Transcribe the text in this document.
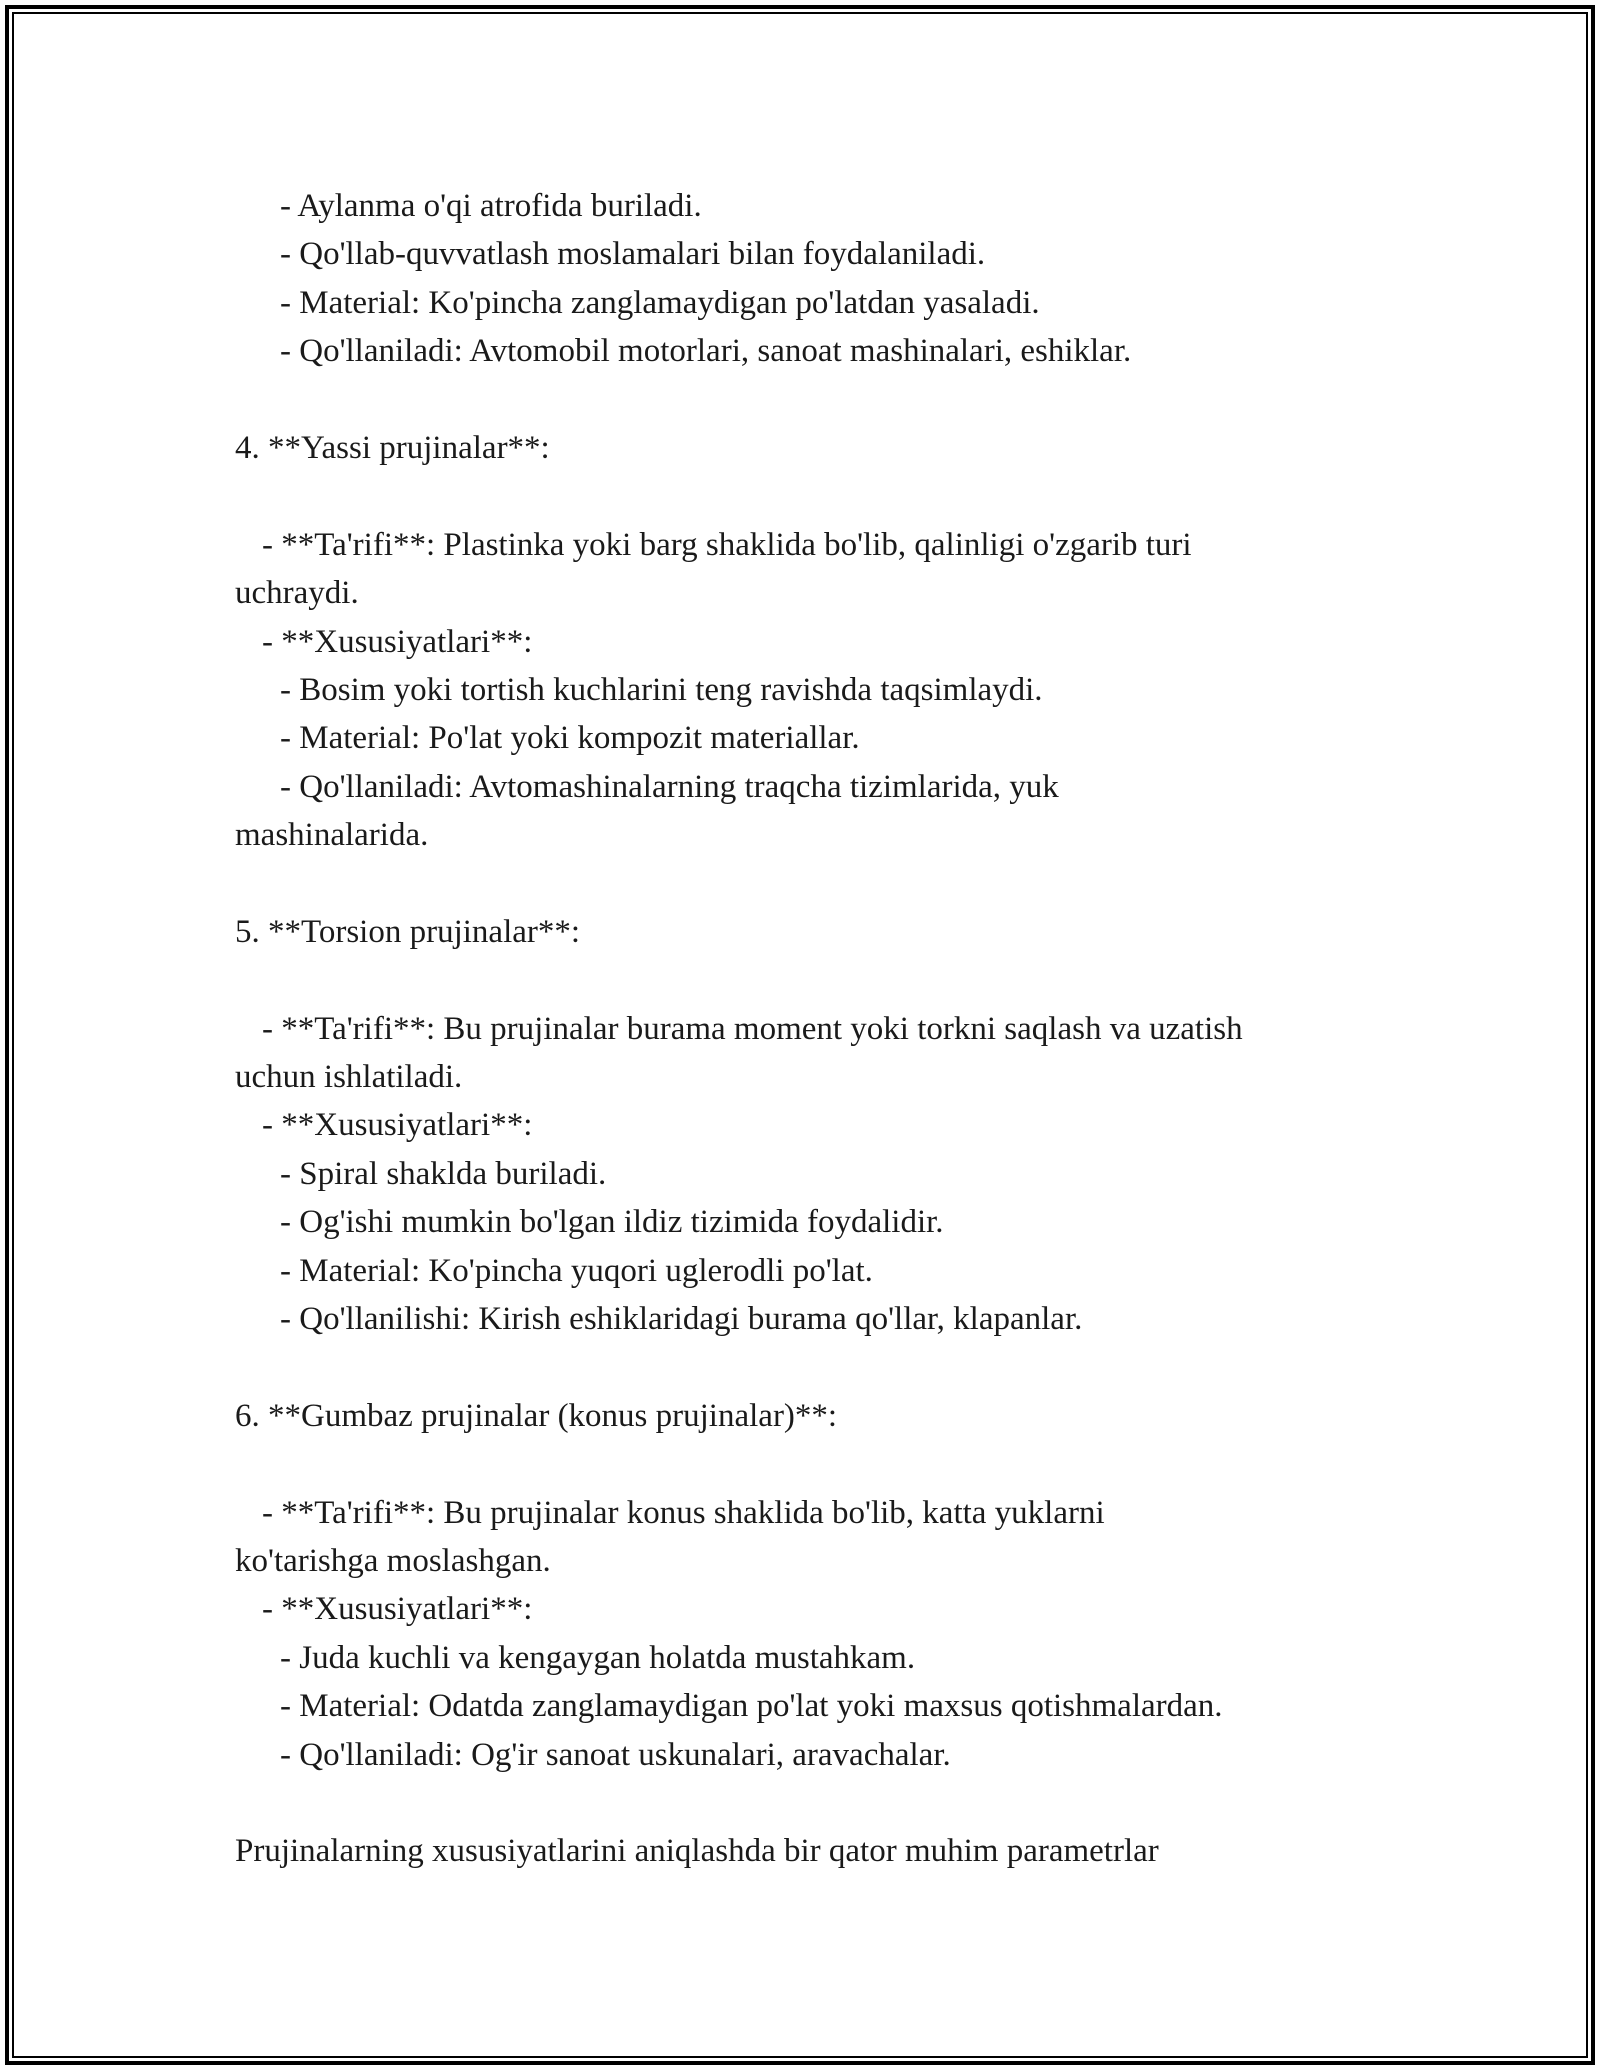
- Aylanma o'qi atrofida buriladi.
- Qo'llab-quvvatlash moslamalari bilan foydalaniladi.
- Material: Ko'pincha zanglamaydigan po'latdan yasaladi.
- Qo'llaniladi: Avtomobil motorlari, sanoat mashinalari, eshiklar.
4. **Yassi prujinalar**:
- **Ta'rifi**: Plastinka yoki barg shaklida bo'lib, qalinligi o'zgarib turi
uchraydi.
- **Xususiyatlari**:
- Bosim yoki tortish kuchlarini teng ravishda taqsimlaydi.
- Material: Po'lat yoki kompozit materiallar.
- Qo'llaniladi: Avtomashinalarning traqcha tizimlarida, yuk
mashinalarida.
5. **Torsion prujinalar**:
- **Ta'rifi**: Bu prujinalar burama moment yoki torkni saqlash va uzatish
uchun ishlatiladi.
- **Xususiyatlari**:
- Spiral shaklda buriladi.
- Og'ishi mumkin bo'lgan ildiz tizimida foydalidir.
- Material: Ko'pincha yuqori uglerodli po'lat.
- Qo'llanilishi: Kirish eshiklaridagi burama qo'llar, klapanlar.
6. **Gumbaz prujinalar (konus prujinalar)**:
- **Ta'rifi**: Bu prujinalar konus shaklida bo'lib, katta yuklarni
ko'tarishga moslashgan.
- **Xususiyatlari**:
- Juda kuchli va kengaygan holatda mustahkam.
- Material: Odatda zanglamaydigan po'lat yoki maxsus qotishmalardan.
- Qo'llaniladi: Og'ir sanoat uskunalari, aravachalar.
Prujinalarning xususiyatlarini aniqlashda bir qator muhim parametrlar
